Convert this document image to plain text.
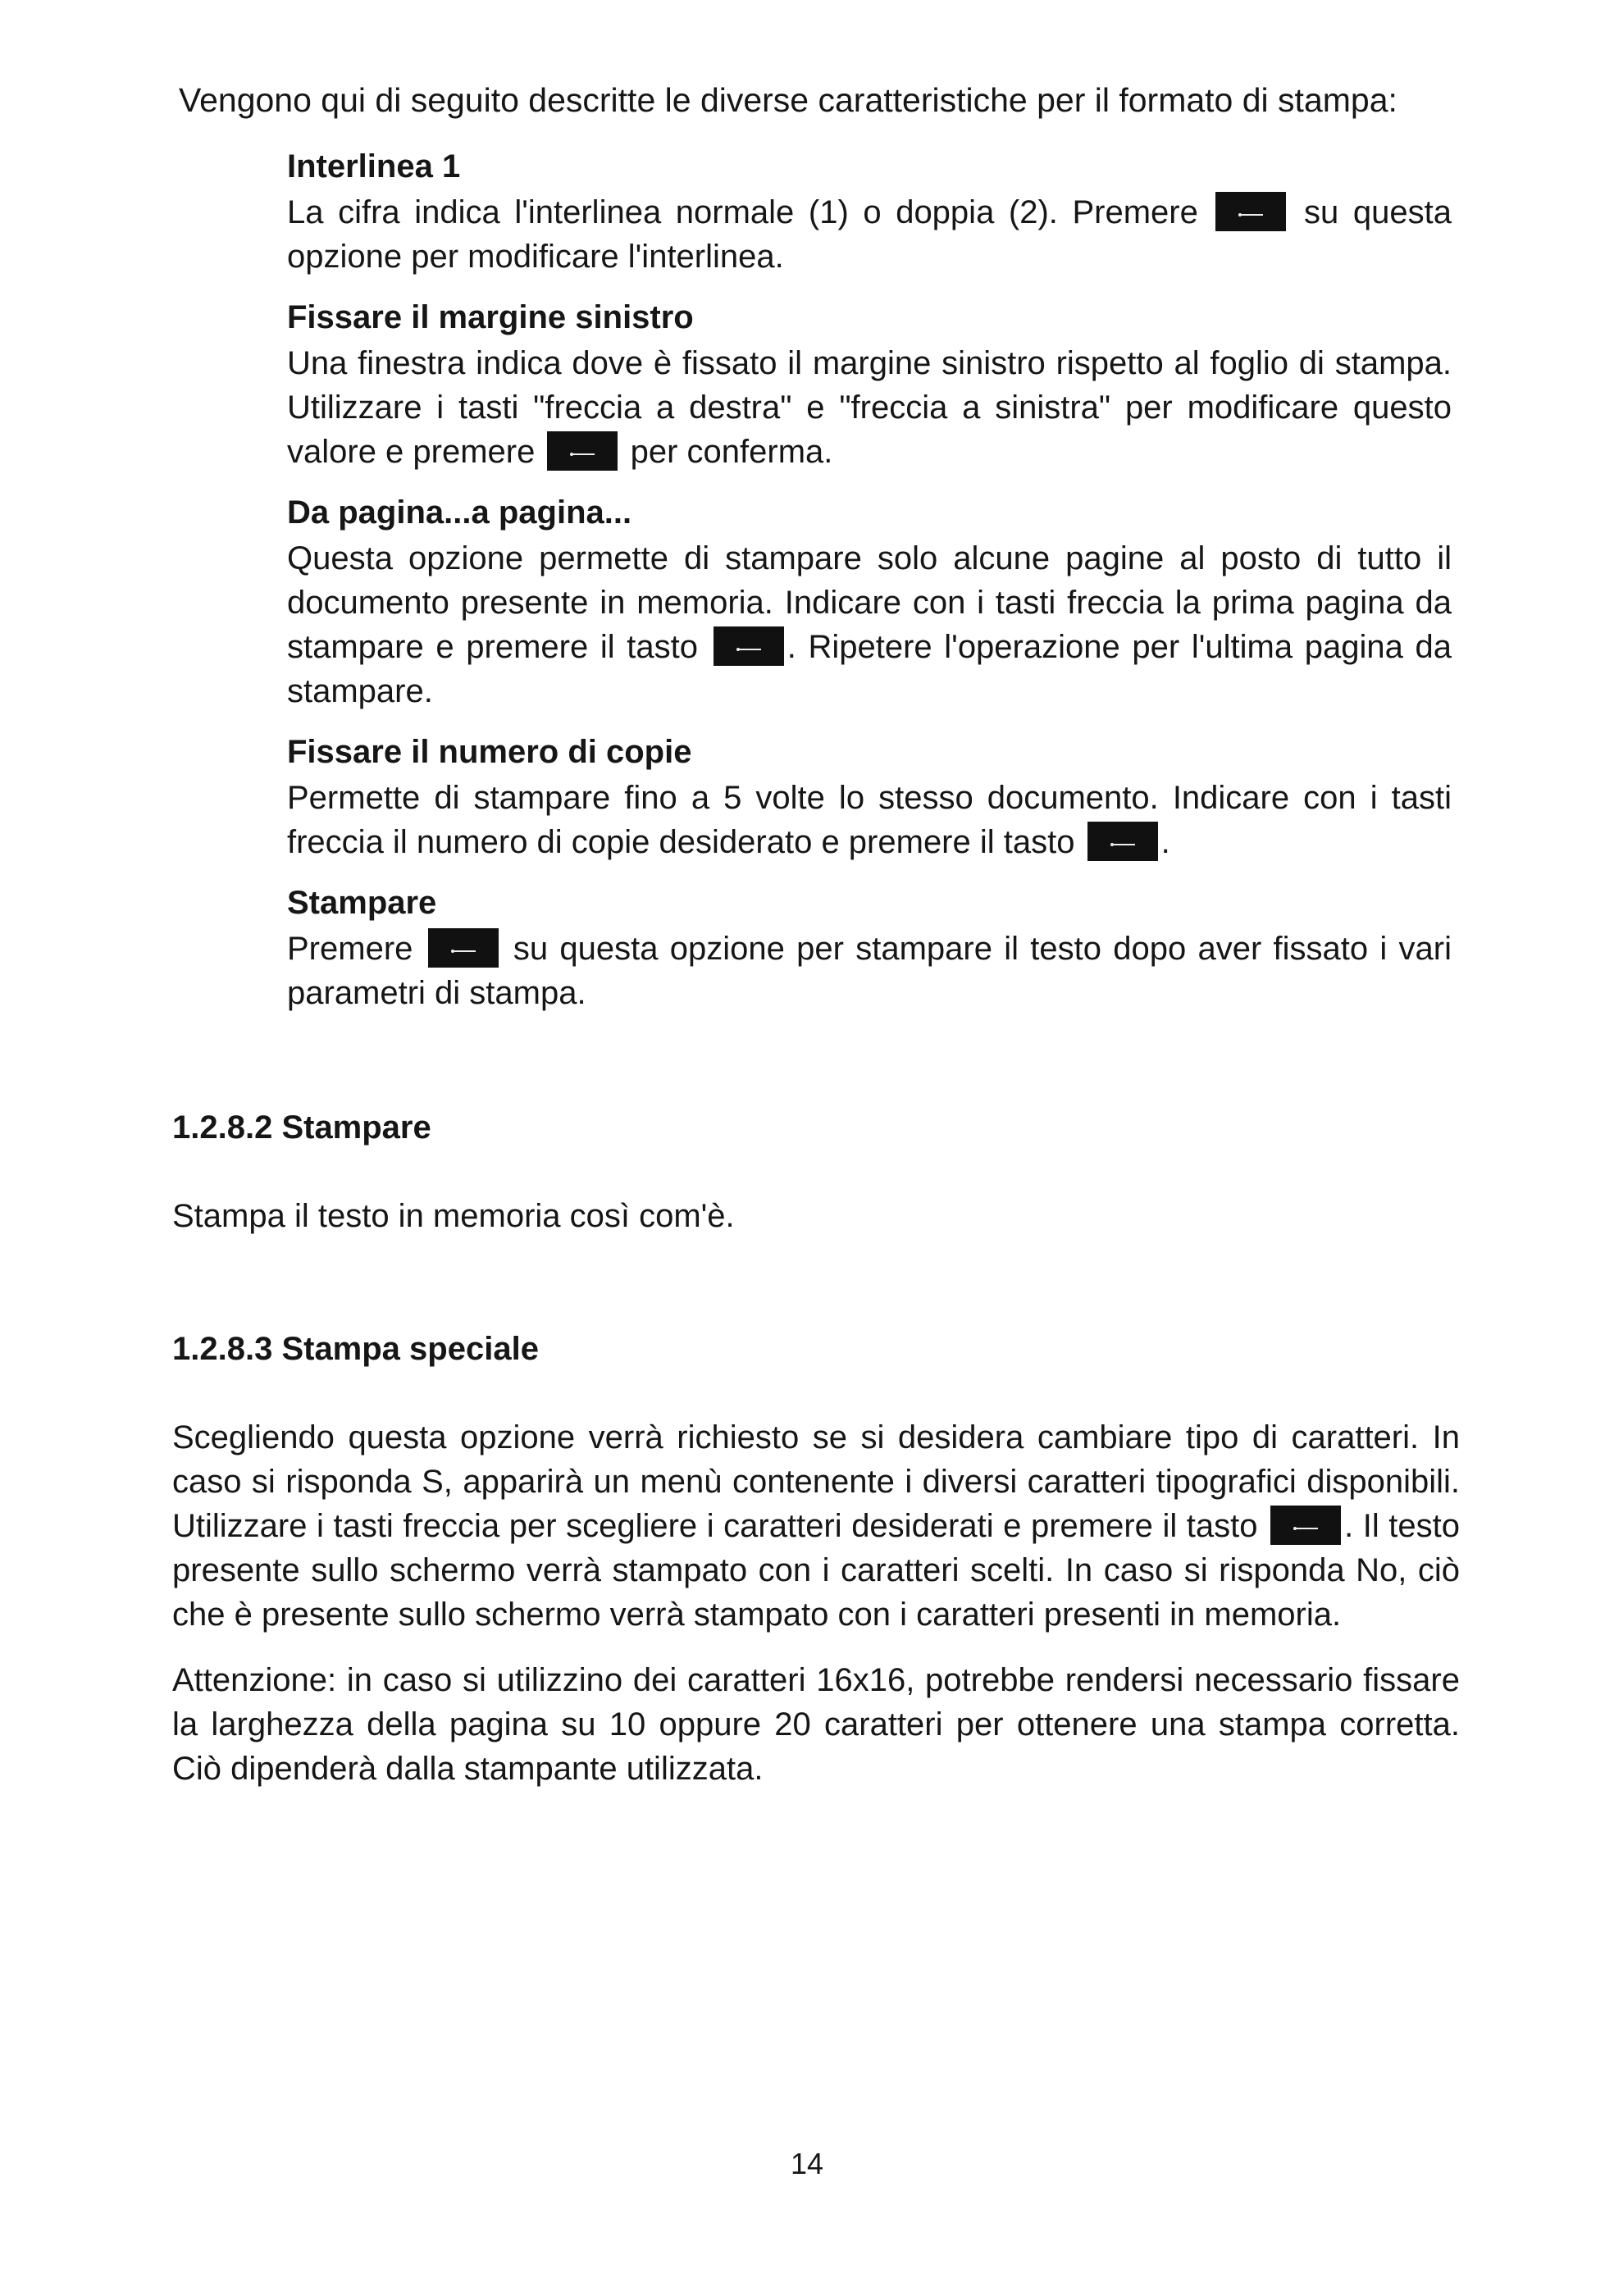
Vengono qui di seguito descritte le diverse caratteristiche per il formato di stampa:

Interlinea 1

La cifra indica l'interlinea normale (1) o doppia (2). Premere
su questa opzione per modificare l'interlinea.

Fissare il margine sinistro

Una finestra indica dove è fissato il margine sinistro rispetto al foglio di stampa. Utilizzare i tasti "freccia a destra" e "freccia a sinistra" per modificare questo valore e premere
per conferma.

Da pagina...a pagina...

Questa opzione permette di stampare solo alcune pagine al posto di tutto il documento presente in memoria. Indicare con i tasti freccia la prima pagina da stampare e premere il tasto
. Ripetere l'operazione per l'ultima pagina da stampare.

Fissare il numero di copie

Permette di stampare fino a 5 volte lo stesso documento. Indicare con i tasti freccia il numero di copie desiderato e premere il tasto
.

Stampare

Premere
su questa opzione per stampare il testo dopo aver fissato i vari parametri di stampa.

1.2.8.2 Stampare

Stampa il testo in memoria così com'è.

1.2.8.3 Stampa speciale

Scegliendo questa opzione verrà richiesto se si desidera cambiare tipo di caratteri. In caso si risponda S, apparirà un menù contenente i diversi caratteri tipografici disponibili. Utilizzare i tasti freccia per scegliere i caratteri desiderati e premere il tasto
. Il testo presente sullo schermo verrà stampato con i caratteri scelti. In caso si risponda No, ciò che è presente sullo schermo verrà stampato con i caratteri presenti in memoria.

Attenzione: in caso si utilizzino dei caratteri 16x16, potrebbe rendersi necessario fissare la larghezza della pagina su 10 oppure 20 caratteri per ottenere una stampa corretta. Ciò dipenderà dalla stampante utilizzata.

14
